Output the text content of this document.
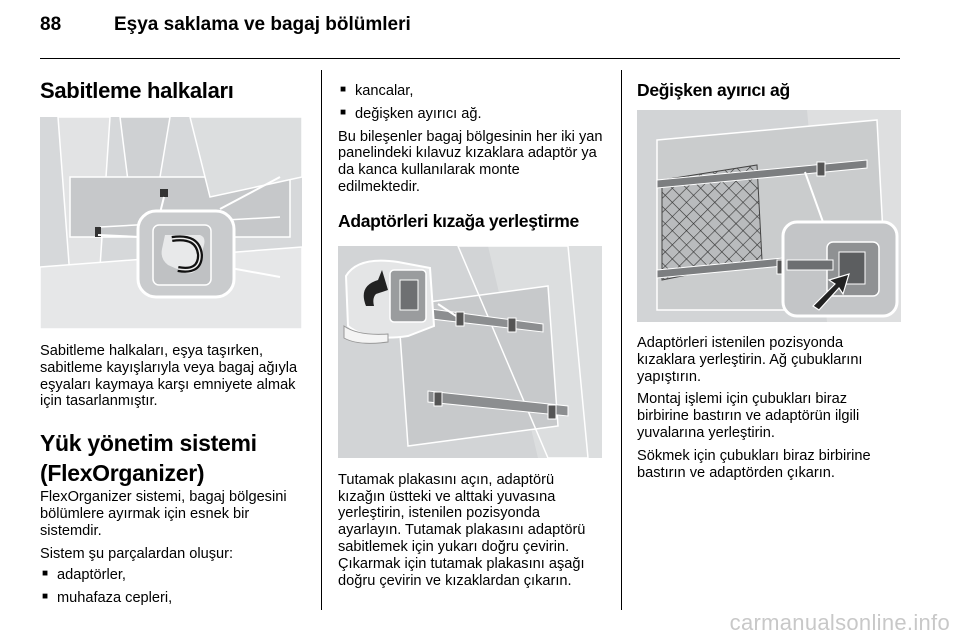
88	Eşya saklama ve bagaj bölümleri
Sabitleme halkaları

Sabitleme halkaları, eşya taşırken, sabitleme kayışlarıyla veya bagaj ağıyla eşyaları kaymaya karşı emniyete almak için tasarlanmıştır.

Yük yönetim sistemi
(FlexOrganizer)

FlexOrganizer sistemi, bagaj bölgesini bölümlere ayırmak için esnek bir sistemdir.

Sistem şu parçalardan oluşur:

■ adaptörler,
■ muhafaza cepleri,
■ kancalar,
■ değişken ayırıcı ağ.

Bu bileşenler bagaj bölgesinin her iki yan panelindeki kılavuz kızaklara adaptör ya da kanca kullanılarak monte edilmektedir.

Adaptörleri kızağa yerleştirme

Tutamak plakasını açın, adaptörü kızağın üstteki ve alttaki yuvasına yerleştirin, istenilen pozisyonda ayarlayın. Tutamak plakasını adaptörü sabitlemek için yukarı doğru çevirin. Çıkarmak için tutamak plakasını aşağı doğru çevirin ve kızaklardan çıkarın.

Değişken ayırıcı ağ

Adaptörleri istenilen pozisyonda kızaklara yerleştirin. Ağ çubuklarını yapıştırın.

Montaj işlemi için çubukları biraz birbirine bastırın ve adaptörün ilgili yuvalarına yerleştirin.

Sökmek için çubukları biraz birbirine bastırın ve adaptörden çıkarın.

carmanualsonline.info
